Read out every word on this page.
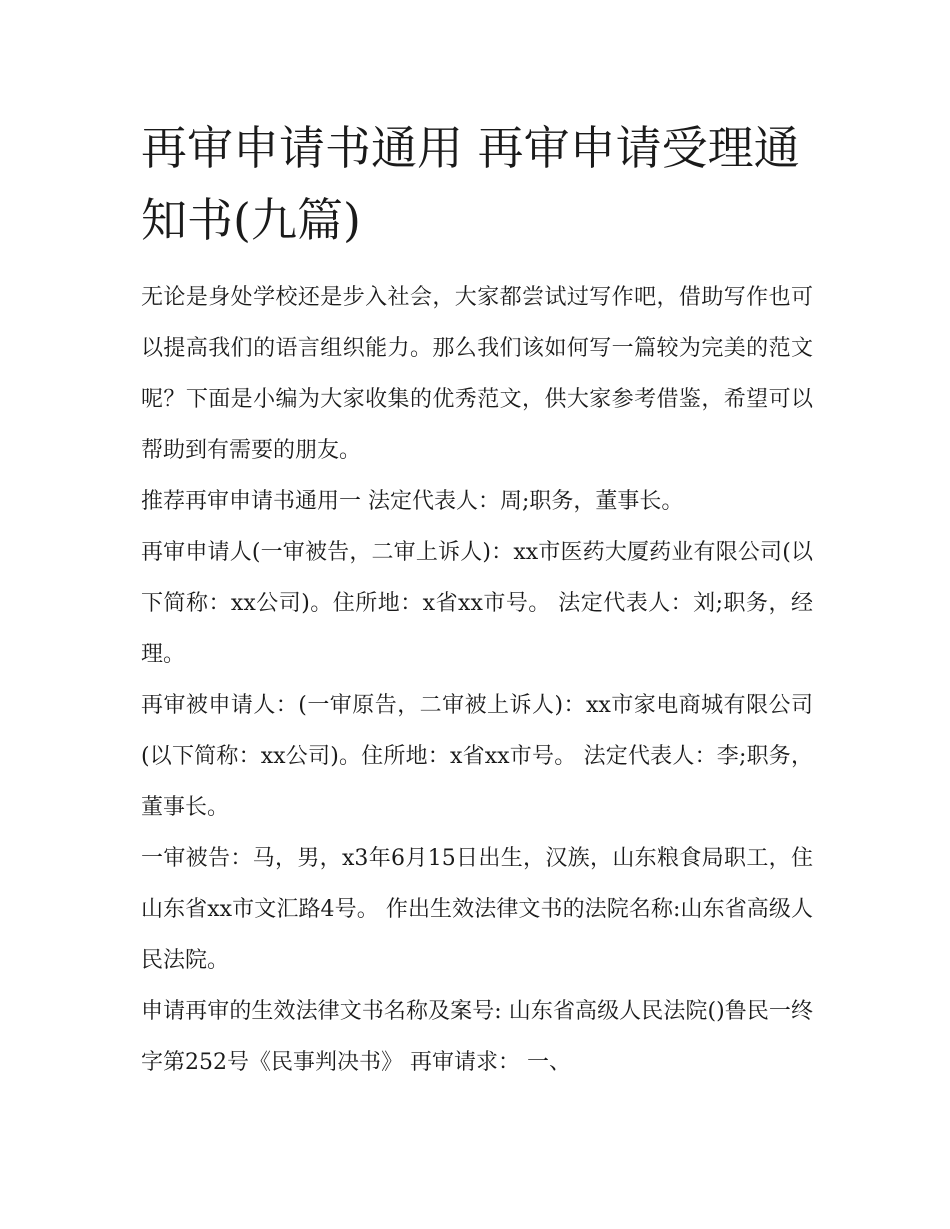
再审申请书通用 再审申请受理通知书(九篇)

无论是身处学校还是步入社会，大家都尝试过写作吧，借助写作也可以提高我们的语言组织能力。那么我们该如何写一篇较为完美的范文呢？下面是小编为大家收集的优秀范文，供大家参考借鉴，希望可以帮助到有需要的朋友。

推荐再审申请书通用一 法定代表人：周;职务，董事长。

再审申请人(一审被告，二审上诉人)：xx市医药大厦药业有限公司(以下简称：xx公司)。住所地：x省xx市号。 法定代表人：刘;职务，经理。

再审被申请人：(一审原告，二审被上诉人)：xx市家电商城有限公司(以下简称：xx公司)。住所地：x省xx市号。 法定代表人：李;职务，董事长。

一审被告：马，男，x3年6月15日出生，汉族，山东粮食局职工，住山东省xx市文汇路4号。 作出生效法律文书的法院名称:山东省高级人民法院。

申请再审的生效法律文书名称及案号: 山东省高级人民法院()鲁民一终字第252号《民事判决书》 再审请求： 一、
